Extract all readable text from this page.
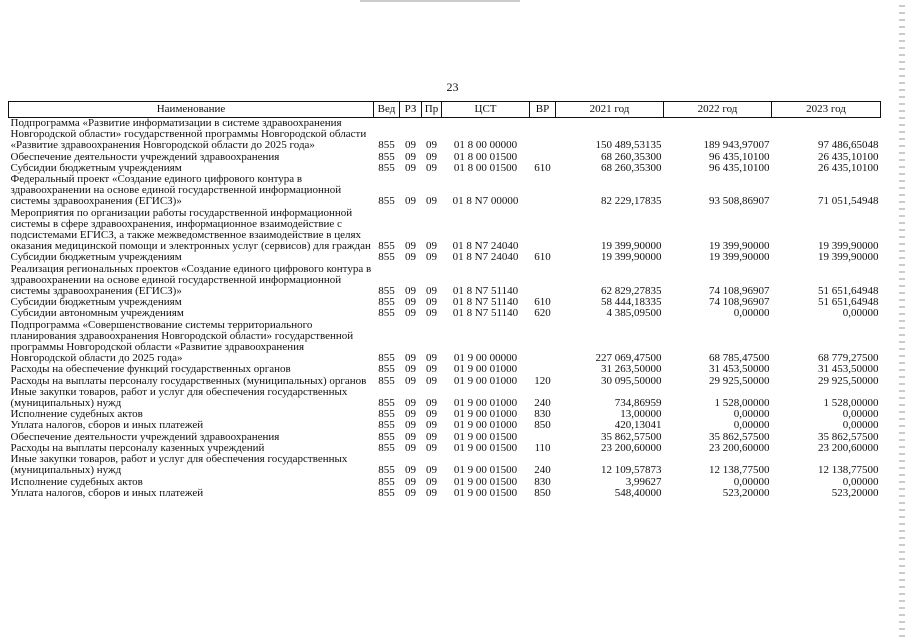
23
Наименование	Вед	РЗ	Пр	ЦСТ	ВР	2021 год	2022 год	2023 год
Подпрограмма «Развитие информатизации в системе здравоохранения Новгородской области» государственной программы Новгородской области «Развитие здравоохранения Новгородской области до 2025 года»	855	09	09	01 8 00 00000		150 489,53135	189 943,97007	97 486,65048
Обеспечение деятельности учреждений здравоохранения	855	09	09	01 8 00 01500		68 260,35300	96 435,10100	26 435,10100
Субсидии бюджетным учреждениям	855	09	09	01 8 00 01500	610	68 260,35300	96 435,10100	26 435,10100
Федеральный проект «Создание единого цифрового контура в здравоохранении на основе единой государственной информационной системы здравоохранения (ЕГИСЗ)»	855	09	09	01 8 N7 00000		82 229,17835	93 508,86907	71 051,54948
Мероприятия по организации работы государственной информационной системы в сфере здравоохранения, информационное взаимодействие с подсистемами ЕГИСЗ, а также межведомственное взаимодействие в целях оказания медицинской помощи и электронных услуг (сервисов) для граждан	855	09	09	01 8 N7 24040		19 399,90000	19 399,90000	19 399,90000
Субсидии бюджетным учреждениям	855	09	09	01 8 N7 24040	610	19 399,90000	19 399,90000	19 399,90000
Реализация региональных проектов «Создание единого цифрового контура в здравоохранении на основе единой государственной информационной системы здравоохранения (ЕГИСЗ)»	855	09	09	01 8 N7 51140		62 829,27835	74 108,96907	51 651,64948
Субсидии бюджетным учреждениям	855	09	09	01 8 N7 51140	610	58 444,18335	74 108,96907	51 651,64948
Субсидии автономным учреждениям	855	09	09	01 8 N7 51140	620	4 385,09500	0,00000	0,00000
Подпрограмма «Совершенствование системы территориального планирования здравоохранения Новгородской области» государственной программы Новгородской области «Развитие здравоохранения Новгородской области до 2025 года»	855	09	09	01 9 00 00000		227 069,47500	68 785,47500	68 779,27500
Расходы на обеспечение функций государственных органов	855	09	09	01 9 00 01000		31 263,50000	31 453,50000	31 453,50000
Расходы на выплаты персоналу государственных (муниципальных) органов	855	09	09	01 9 00 01000	120	30 095,50000	29 925,50000	29 925,50000
Иные закупки товаров, работ и услуг для обеспечения государственных (муниципальных) нужд	855	09	09	01 9 00 01000	240	734,86959	1 528,00000	1 528,00000
Исполнение судебных актов	855	09	09	01 9 00 01000	830	13,00000	0,00000	0,00000
Уплата налогов, сборов и иных платежей	855	09	09	01 9 00 01000	850	420,13041	0,00000	0,00000
Обеспечение деятельности учреждений здравоохранения	855	09	09	01 9 00 01500		35 862,57500	35 862,57500	35 862,57500
Расходы на выплаты персоналу казенных учреждений	855	09	09	01 9 00 01500	110	23 200,60000	23 200,60000	23 200,60000
Иные закупки товаров, работ и услуг для обеспечения государственных (муниципальных) нужд	855	09	09	01 9 00 01500	240	12 109,57873	12 138,77500	12 138,77500
Исполнение судебных актов	855	09	09	01 9 00 01500	830	3,99627	0,00000	0,00000
Уплата налогов, сборов и иных платежей	855	09	09	01 9 00 01500	850	548,40000	523,20000	523,20000
